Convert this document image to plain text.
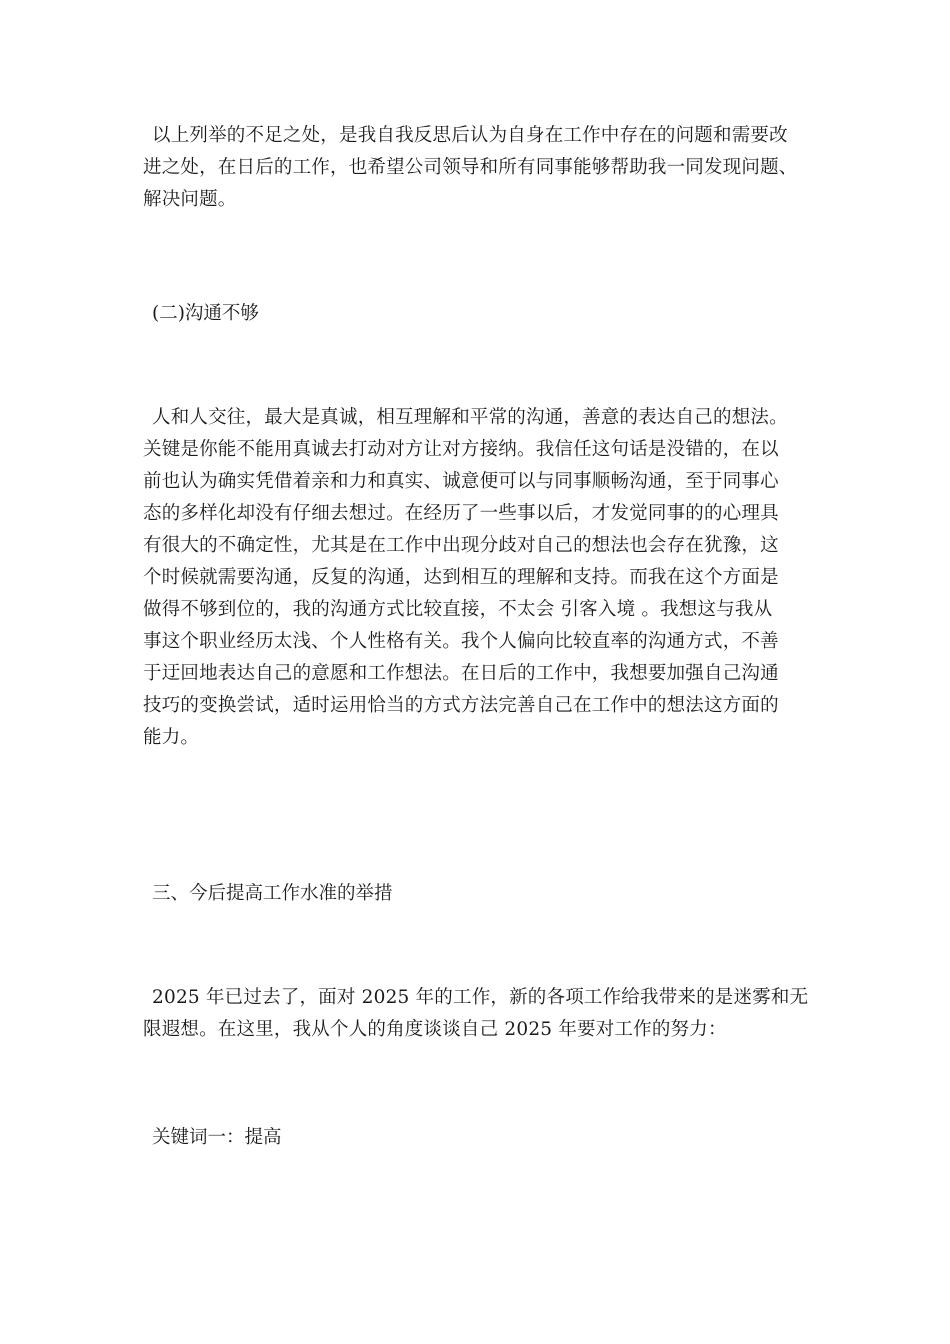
以上列举的不足之处，是我自我反思后认为自身在工作中存在的问题和需要改
进之处，在日后的工作，也希望公司领导和所有同事能够帮助我一同发现问题、
解决问题。

(二)沟通不够

人和人交往，最大是真诚，相互理解和平常的沟通，善意的表达自己的想法。
关键是你能不能用真诚去打动对方让对方接纳。我信任这句话是没错的，在以
前也认为确实凭借着亲和力和真实、诚意便可以与同事顺畅沟通，至于同事心
态的多样化却没有仔细去想过。在经历了一些事以后，才发觉同事的的心理具
有很大的不确定性，尤其是在工作中出现分歧对自己的想法也会存在犹豫，这
个时候就需要沟通，反复的沟通，达到相互的理解和支持。而我在这个方面是
做得不够到位的，我的沟通方式比较直接，不太会 引客入境 。我想这与我从
事这个职业经历太浅、个人性格有关。我个人偏向比较直率的沟通方式，不善
于迂回地表达自己的意愿和工作想法。在日后的工作中，我想要加强自己沟通
技巧的变换尝试，适时运用恰当的方式方法完善自己在工作中的想法这方面的
能力。

三、今后提高工作水准的举措

2025 年已过去了，面对 2025 年的工作，新的各项工作给我带来的是迷雾和无
限遐想。在这里，我从个人的角度谈谈自己 2025 年要对工作的努力：

关键词一：提高
